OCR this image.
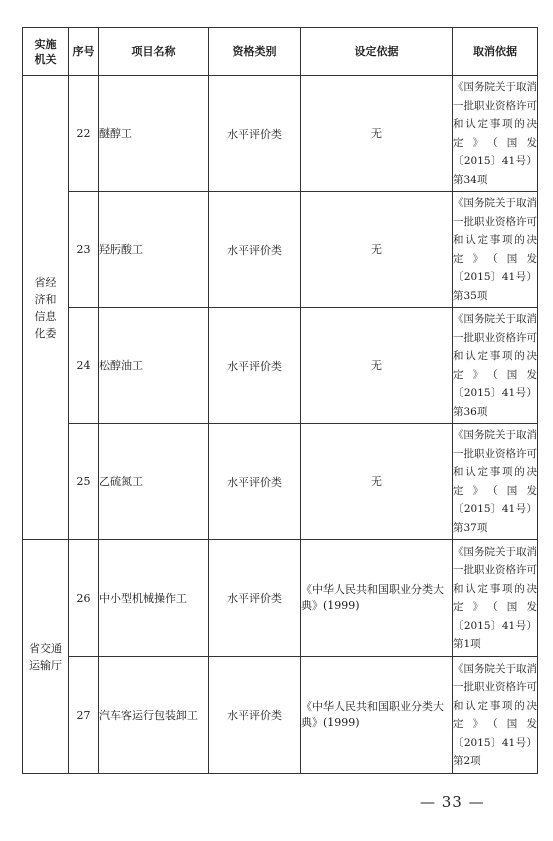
实施机关	序号	项目名称	资格类别	设定依据	取消依据
省经济和信息化委	22	醚醇工	水平评价类	无	《国务院关于取消一批职业资格许可和认定事项的决定》（国发〔2015〕41号）第34项
	23	羟肟酸工	水平评价类	无	《国务院关于取消一批职业资格许可和认定事项的决定》（国发〔2015〕41号）第35项
	24	松醇油工	水平评价类	无	《国务院关于取消一批职业资格许可和认定事项的决定》（国发〔2015〕41号）第36项
	25	乙硫氮工	水平评价类	无	《国务院关于取消一批职业资格许可和认定事项的决定》（国发〔2015〕41号）第37项
省交通运输厅	26	中小型机械操作工	水平评价类	《中华人民共和国职业分类大典》(1999)	《国务院关于取消一批职业资格许可和认定事项的决定》（国发〔2015〕41号）第1项
	27	汽车客运行包装卸工	水平评价类	《中华人民共和国职业分类大典》(1999)	《国务院关于取消一批职业资格许可和认定事项的决定》（国发〔2015〕41号）第2项
— 33 —
